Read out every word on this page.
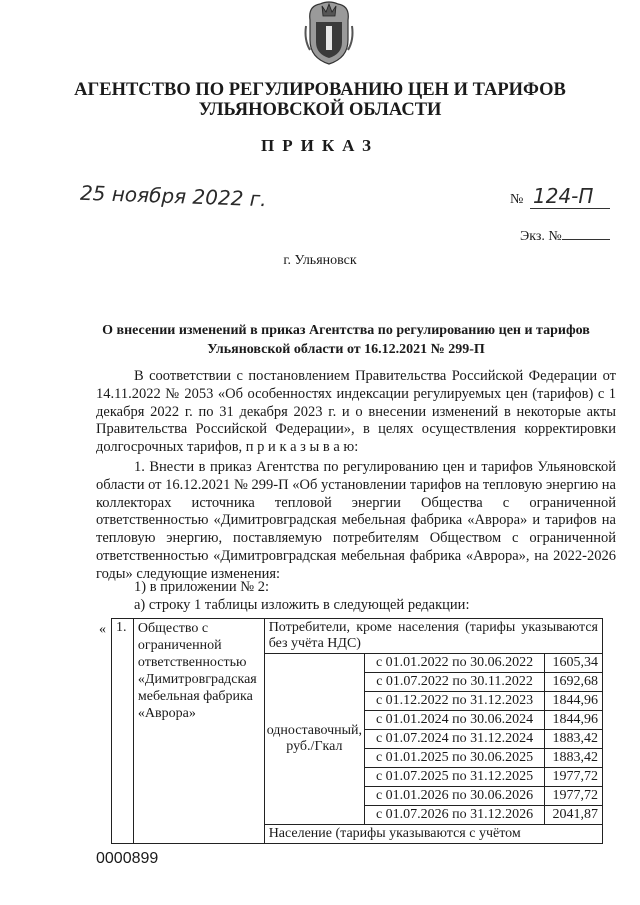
АГЕНТСТВО ПО РЕГУЛИРОВАНИЮ ЦЕН И ТАРИФОВ
УЛЬЯНОВСКОЙ ОБЛАСТИ
ПРИКАЗ
25 ноября 2022 г.	№ 124-П
Экз. №
г. Ульяновск
О внесении изменений в приказ Агентства по регулированию цен и тарифов Ульяновской области от 16.12.2021 № 299-П
В соответствии с постановлением Правительства Российской Федерации от 14.11.2022 № 2053 «Об особенностях индексации регулируемых цен (тарифов) с 1 декабря 2022 г. по 31 декабря 2023 г. и о внесении изменений в некоторые акты Правительства Российской Федерации», в целях осуществления корректировки долгосрочных тарифов, п р и к а з ы в а ю:
1. Внести в приказ Агентства по регулированию цен и тарифов Ульяновской области от 16.12.2021 № 299-П «Об установлении тарифов на тепловую энергию на коллекторах источника тепловой энергии Общества с ограниченной ответственностью «Димитровградская мебельная фабрика «Аврора» и тарифов на тепловую энергию, поставляемую потребителям Обществом с ограниченной ответственностью «Димитровградская мебельная фабрика «Аврора», на 2022-2026 годы» следующие изменения:
1) в приложении № 2:
а) строку 1 таблицы изложить в следующей редакции:
« 1.	Общество с ограниченной ответственностью «Димитровградская мебельная фабрика «Аврора»	Потребители, кроме населения (тарифы указываются без учёта НДС)		
		одноставочный, руб./Гкал	с 01.01.2022 по 30.06.2022	1605,34
			с 01.07.2022 по 30.11.2022	1692,68
			с 01.12.2022 по 31.12.2023	1844,96
			с 01.01.2024 по 30.06.2024	1844,96
			с 01.07.2024 по 31.12.2024	1883,42
			с 01.01.2025 по 30.06.2025	1883,42
			с 01.07.2025 по 31.12.2025	1977,72
			с 01.01.2026 по 30.06.2026	1977,72
			с 01.07.2026 по 31.12.2026	2041,87
		Население (тарифы указываются с учётом		
0000899
